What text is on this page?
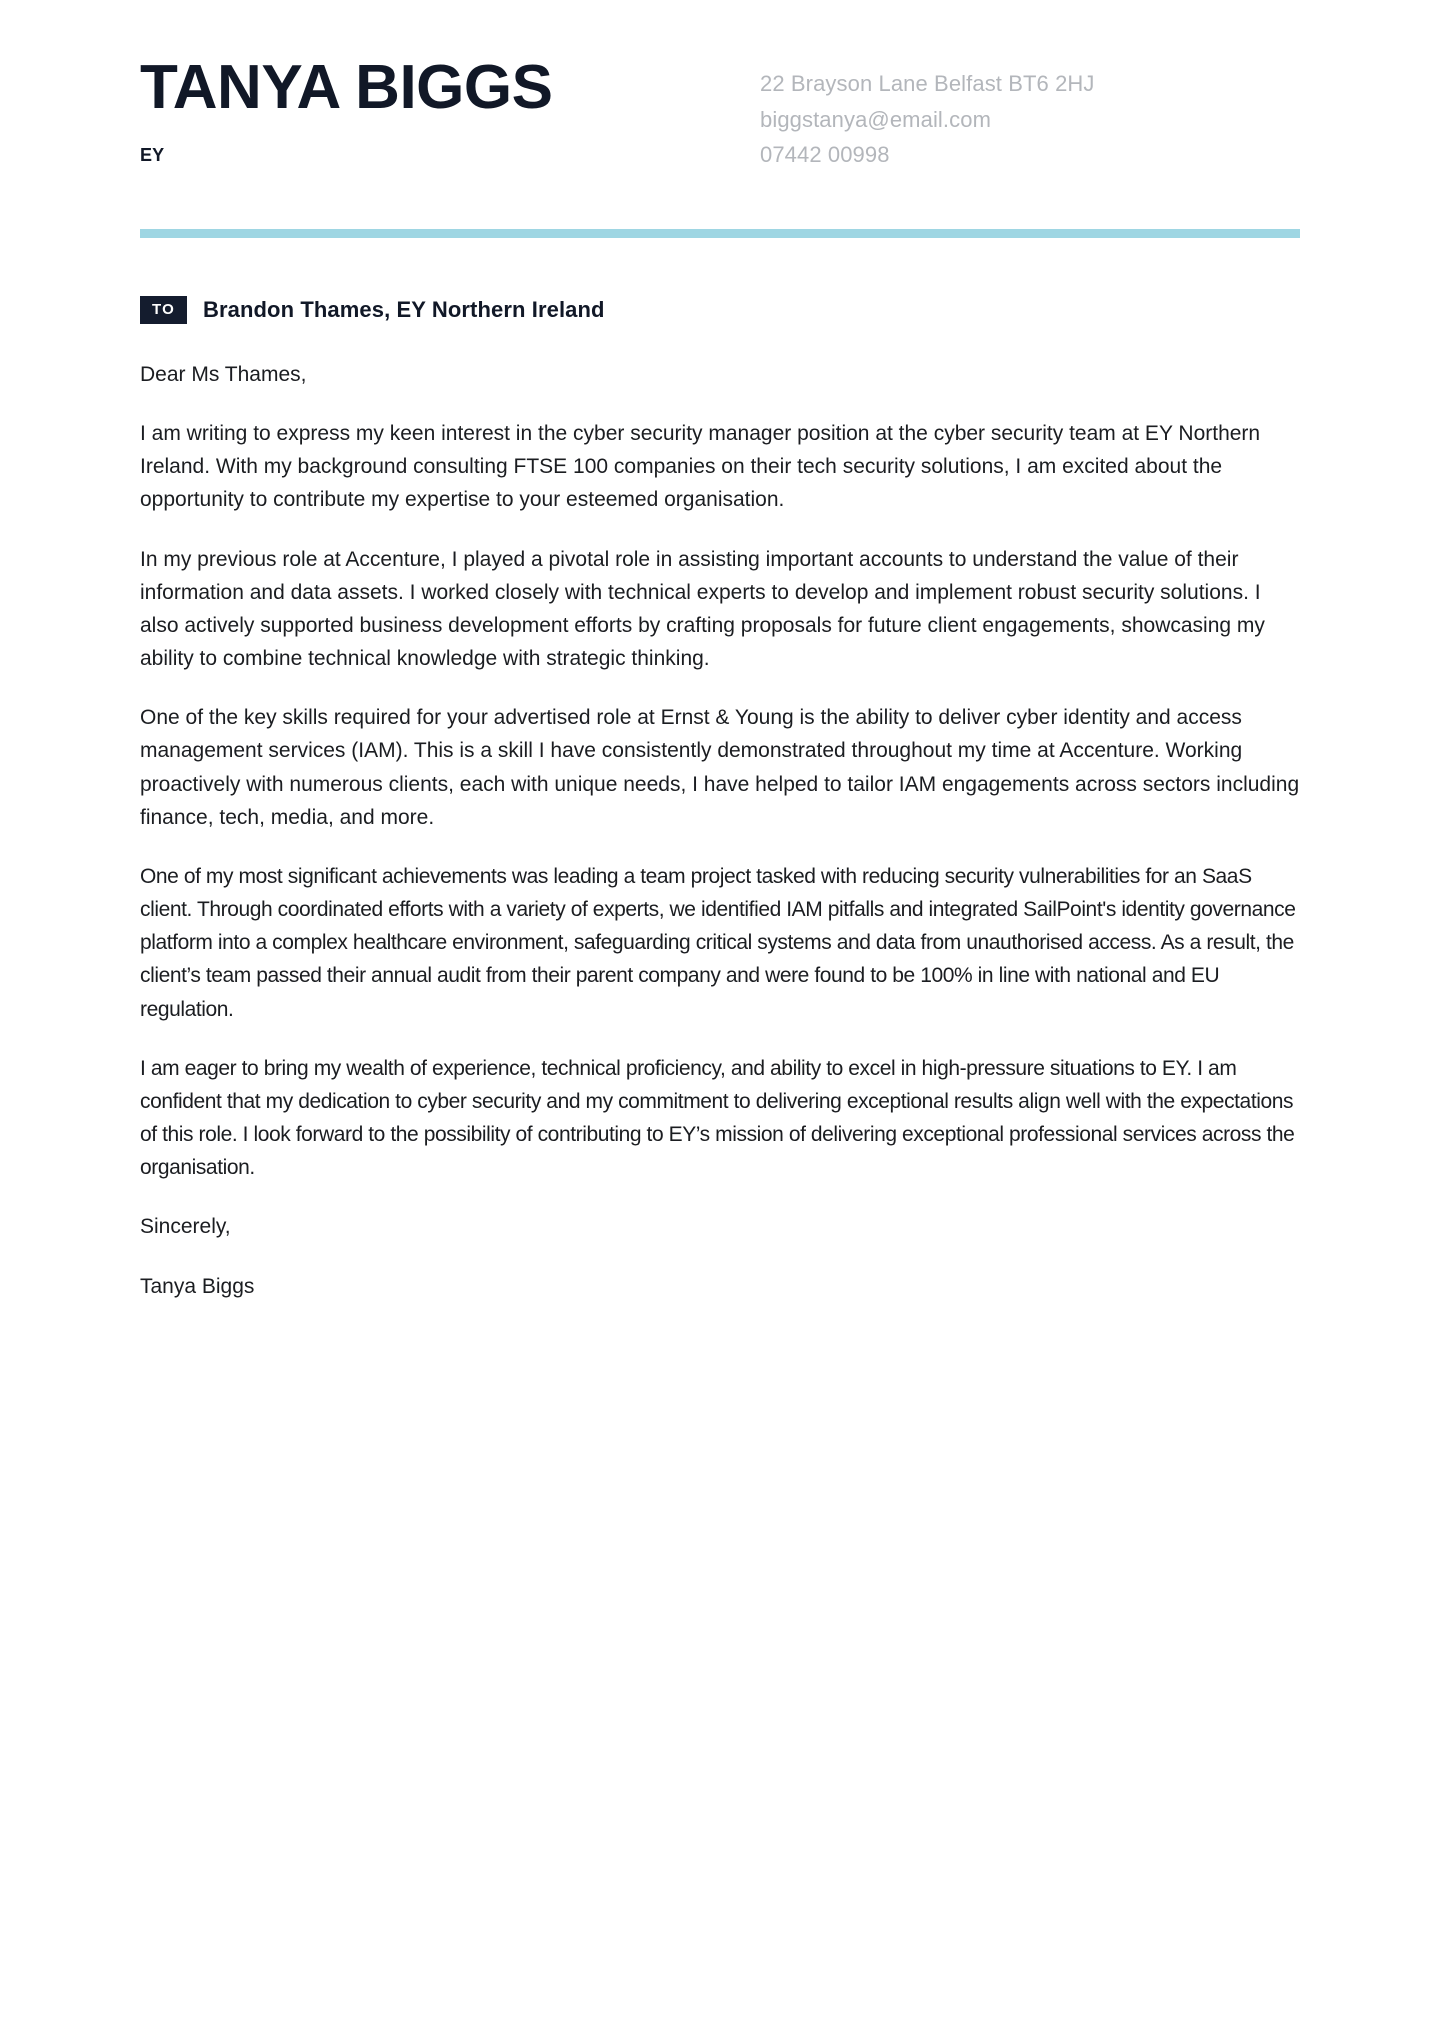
TANYA BIGGS
EY
22 Brayson Lane Belfast BT6 2HJ
biggstanya@email.com
07442 00998
TO	Brandon Thames, EY Northern Ireland

Dear Ms Thames,

I am writing to express my keen interest in the cyber security manager position at the cyber security team at EY Northern Ireland. With my background consulting FTSE 100 companies on their tech security solutions, I am excited about the opportunity to contribute my expertise to your esteemed organisation.

In my previous role at Accenture, I played a pivotal role in assisting important accounts to understand the value of their information and data assets. I worked closely with technical experts to develop and implement robust security solutions. I also actively supported business development efforts by crafting proposals for future client engagements, showcasing my ability to combine technical knowledge with strategic thinking.

One of the key skills required for your advertised role at Ernst & Young is the ability to deliver cyber identity and access management services (IAM). This is a skill I have consistently demonstrated throughout my time at Accenture. Working proactively with numerous clients, each with unique needs, I have helped to tailor IAM engagements across sectors including finance, tech, media, and more.

One of my most significant achievements was leading a team project tasked with reducing security vulnerabilities for an SaaS client. Through coordinated efforts with a variety of experts, we identified IAM pitfalls and integrated SailPoint's identity governance platform into a complex healthcare environment, safeguarding critical systems and data from unauthorised access. As a result, the client’s team passed their annual audit from their parent company and were found to be 100% in line with national and EU regulation.

I am eager to bring my wealth of experience, technical proficiency, and ability to excel in high-pressure situations to EY. I am confident that my dedication to cyber security and my commitment to delivering exceptional results align well with the expectations of this role. I look forward to the possibility of contributing to EY’s mission of delivering exceptional professional services across the organisation.

Sincerely,

Tanya Biggs
